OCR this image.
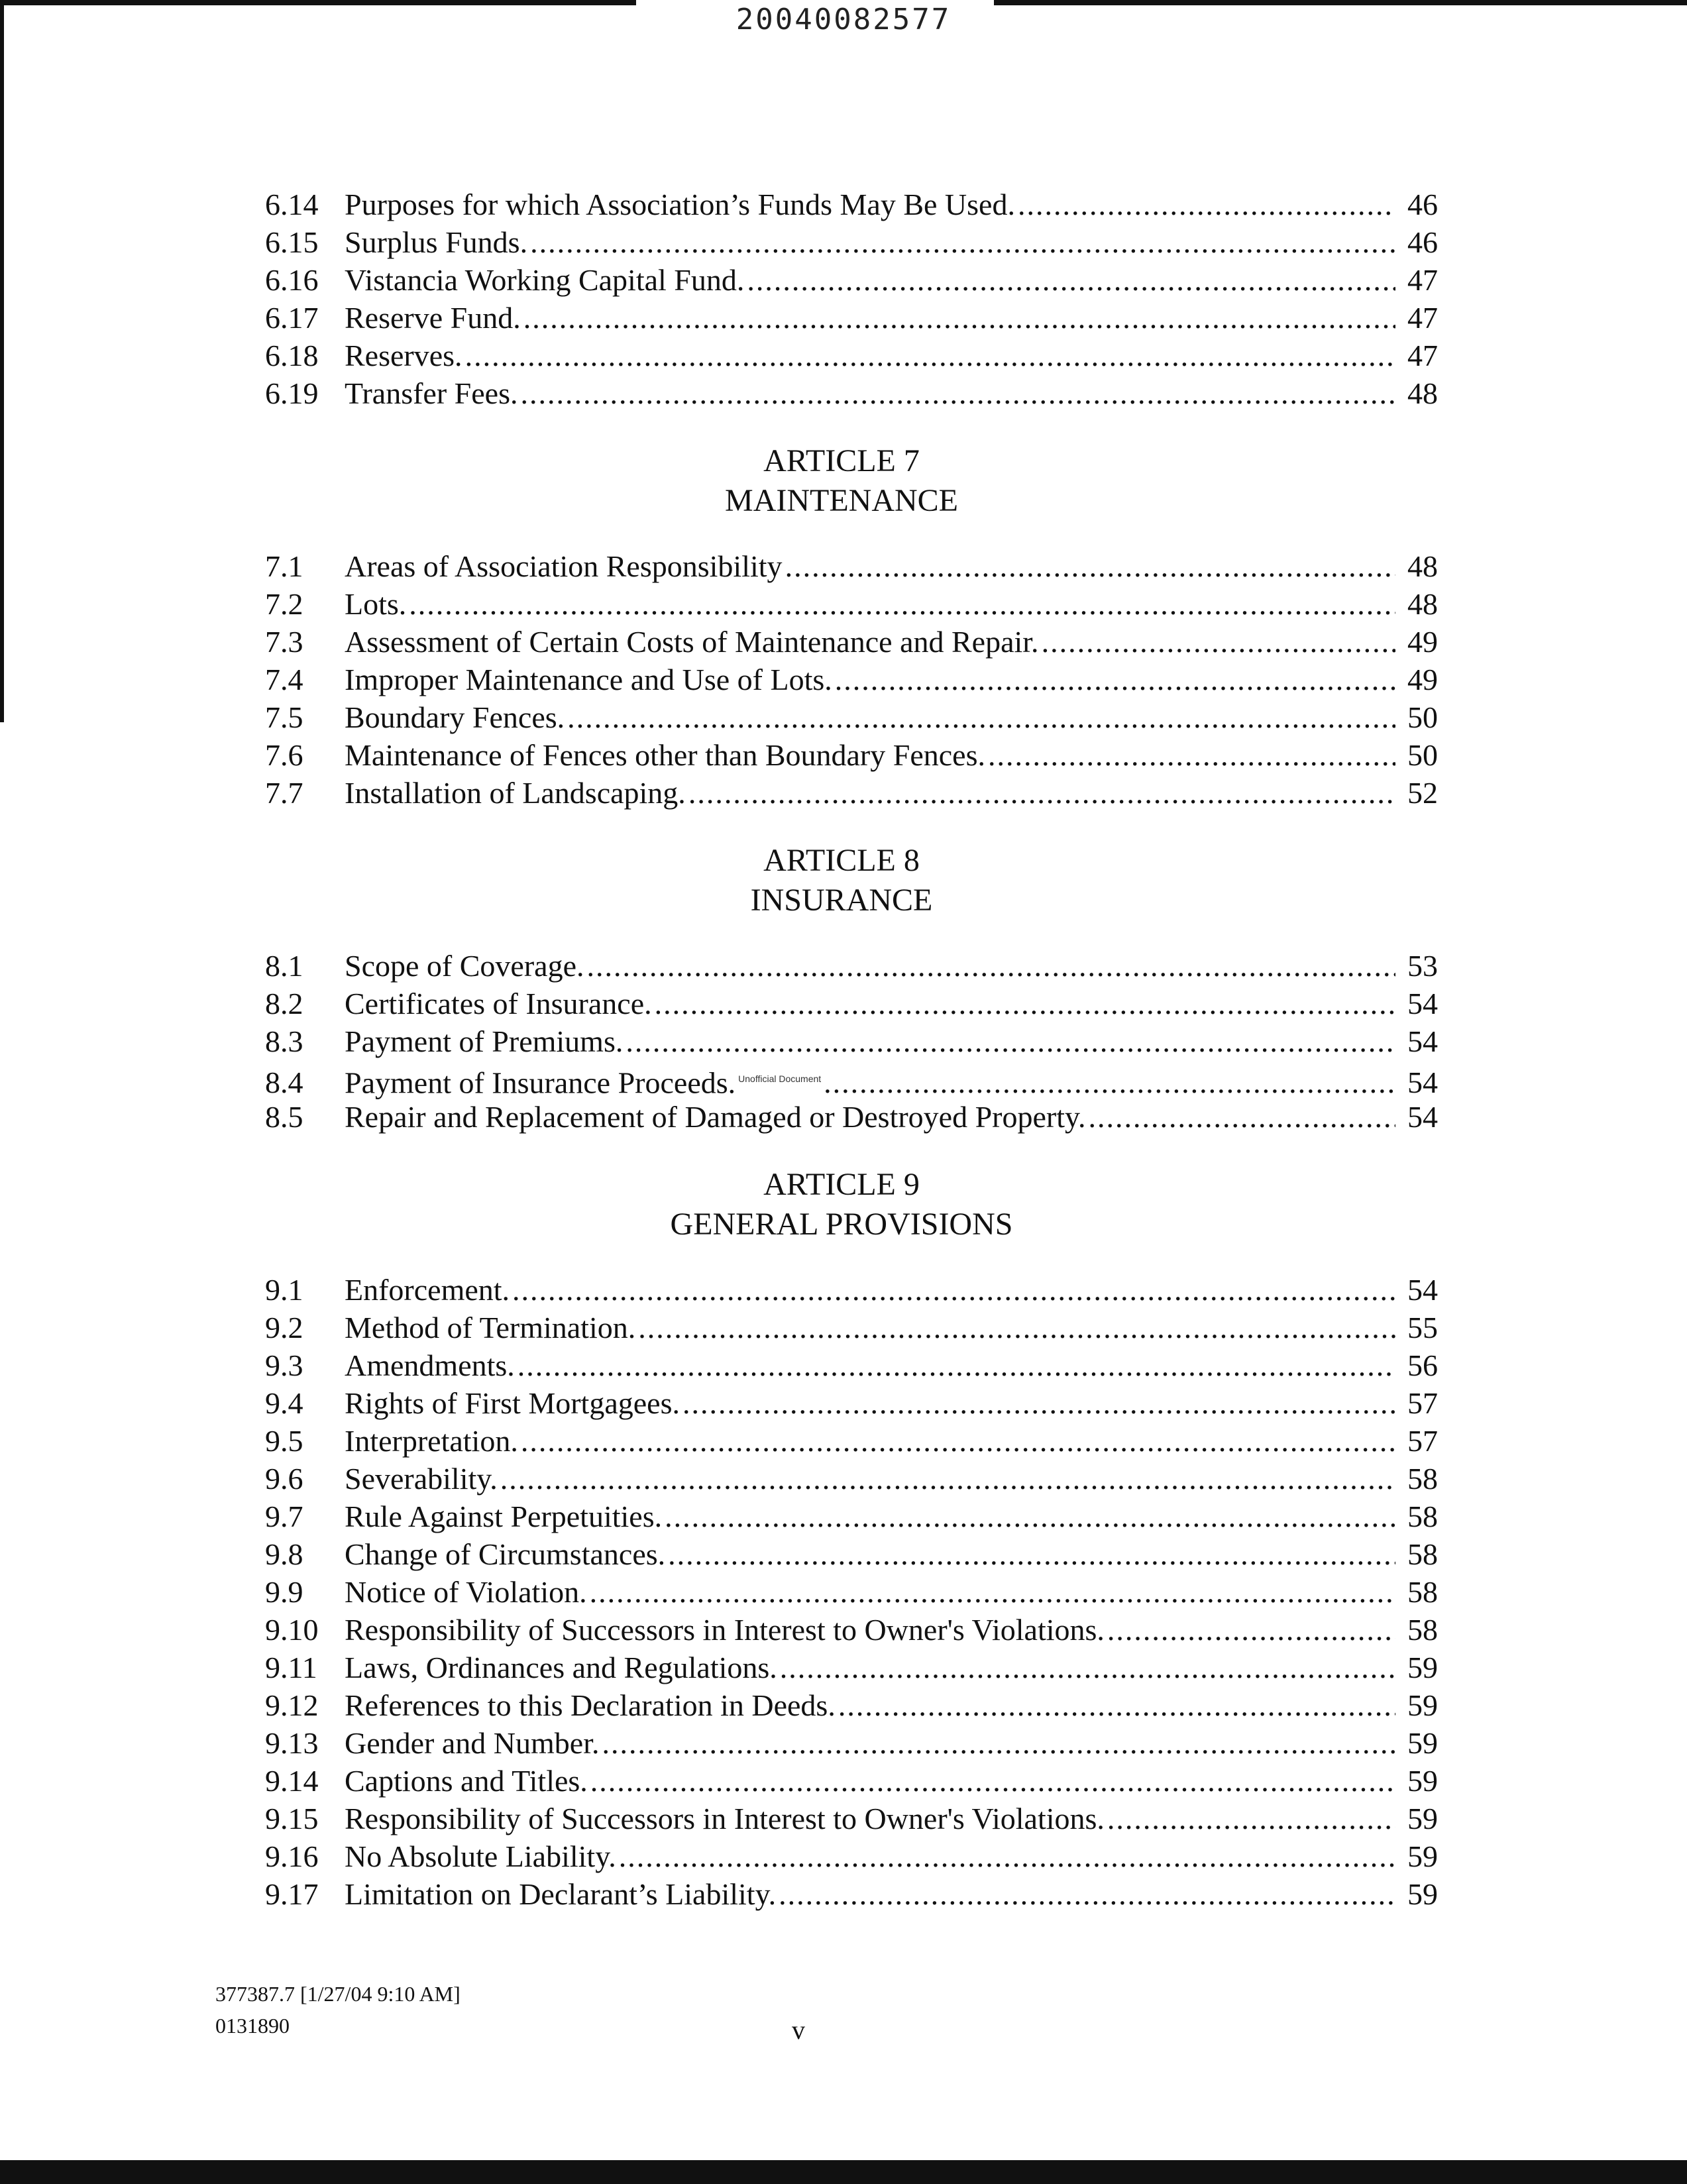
20040082577
6.14 Purposes for which Association’s Funds May Be Used. .....	46
6.15 Surplus Funds. .....	46
6.16 Vistancia Working Capital Fund. .....	47
6.17 Reserve Fund. .....	47
6.18 Reserves. .....	47
6.19 Transfer Fees. .....	48
ARTICLE 7
MAINTENANCE
7.1	Areas of Association Responsibility .....	48
7.2	Lots. .....	48
7.3	Assessment of Certain Costs of Maintenance and Repair. .....	49
7.4	Improper Maintenance and Use of Lots. .....	49
7.5	Boundary Fences. .....	50
7.6	Maintenance of Fences other than Boundary Fences. .....	50
7.7	Installation of Landscaping. .....	52
ARTICLE 8
INSURANCE
8.1	Scope of Coverage. .....	53
8.2	Certificates of Insurance. .....	54
8.3	Payment of Premiums. .....	54
8.4	Payment of Insurance Proceeds. $^{Unofficial Document}$ .....	54
8.5	Repair and Replacement of Damaged or Destroyed Property. .....	54
ARTICLE 9
GENERAL PROVISIONS
9.1	Enforcement. .....	54
9.2	Method of Termination. .....	55
9.3	Amendments. .....	56
9.4	Rights of First Mortgagees. .....	57
9.5	Interpretation. .....	57
9.6	Severability. .....	58
9.7	Rule Against Perpetuities. .....	58
9.8	Change of Circumstances. .....	58
9.9	Notice of Violation. .....	58
9.10 Responsibility of Successors in Interest to Owner's Violations. .....	58
9.11 Laws, Ordinances and Regulations. .....	59
9.12 References to this Declaration in Deeds. .....	59
9.13 Gender and Number. .....	59
9.14 Captions and Titles. .....	59
9.15 Responsibility of Successors in Interest to Owner's Violations. .....	59
9.16 No Absolute Liability. .....	59
9.17 Limitation on Declarant’s Liability. .....	59
377387.7 [1/27/04 9:10 AM]
0131890	v
